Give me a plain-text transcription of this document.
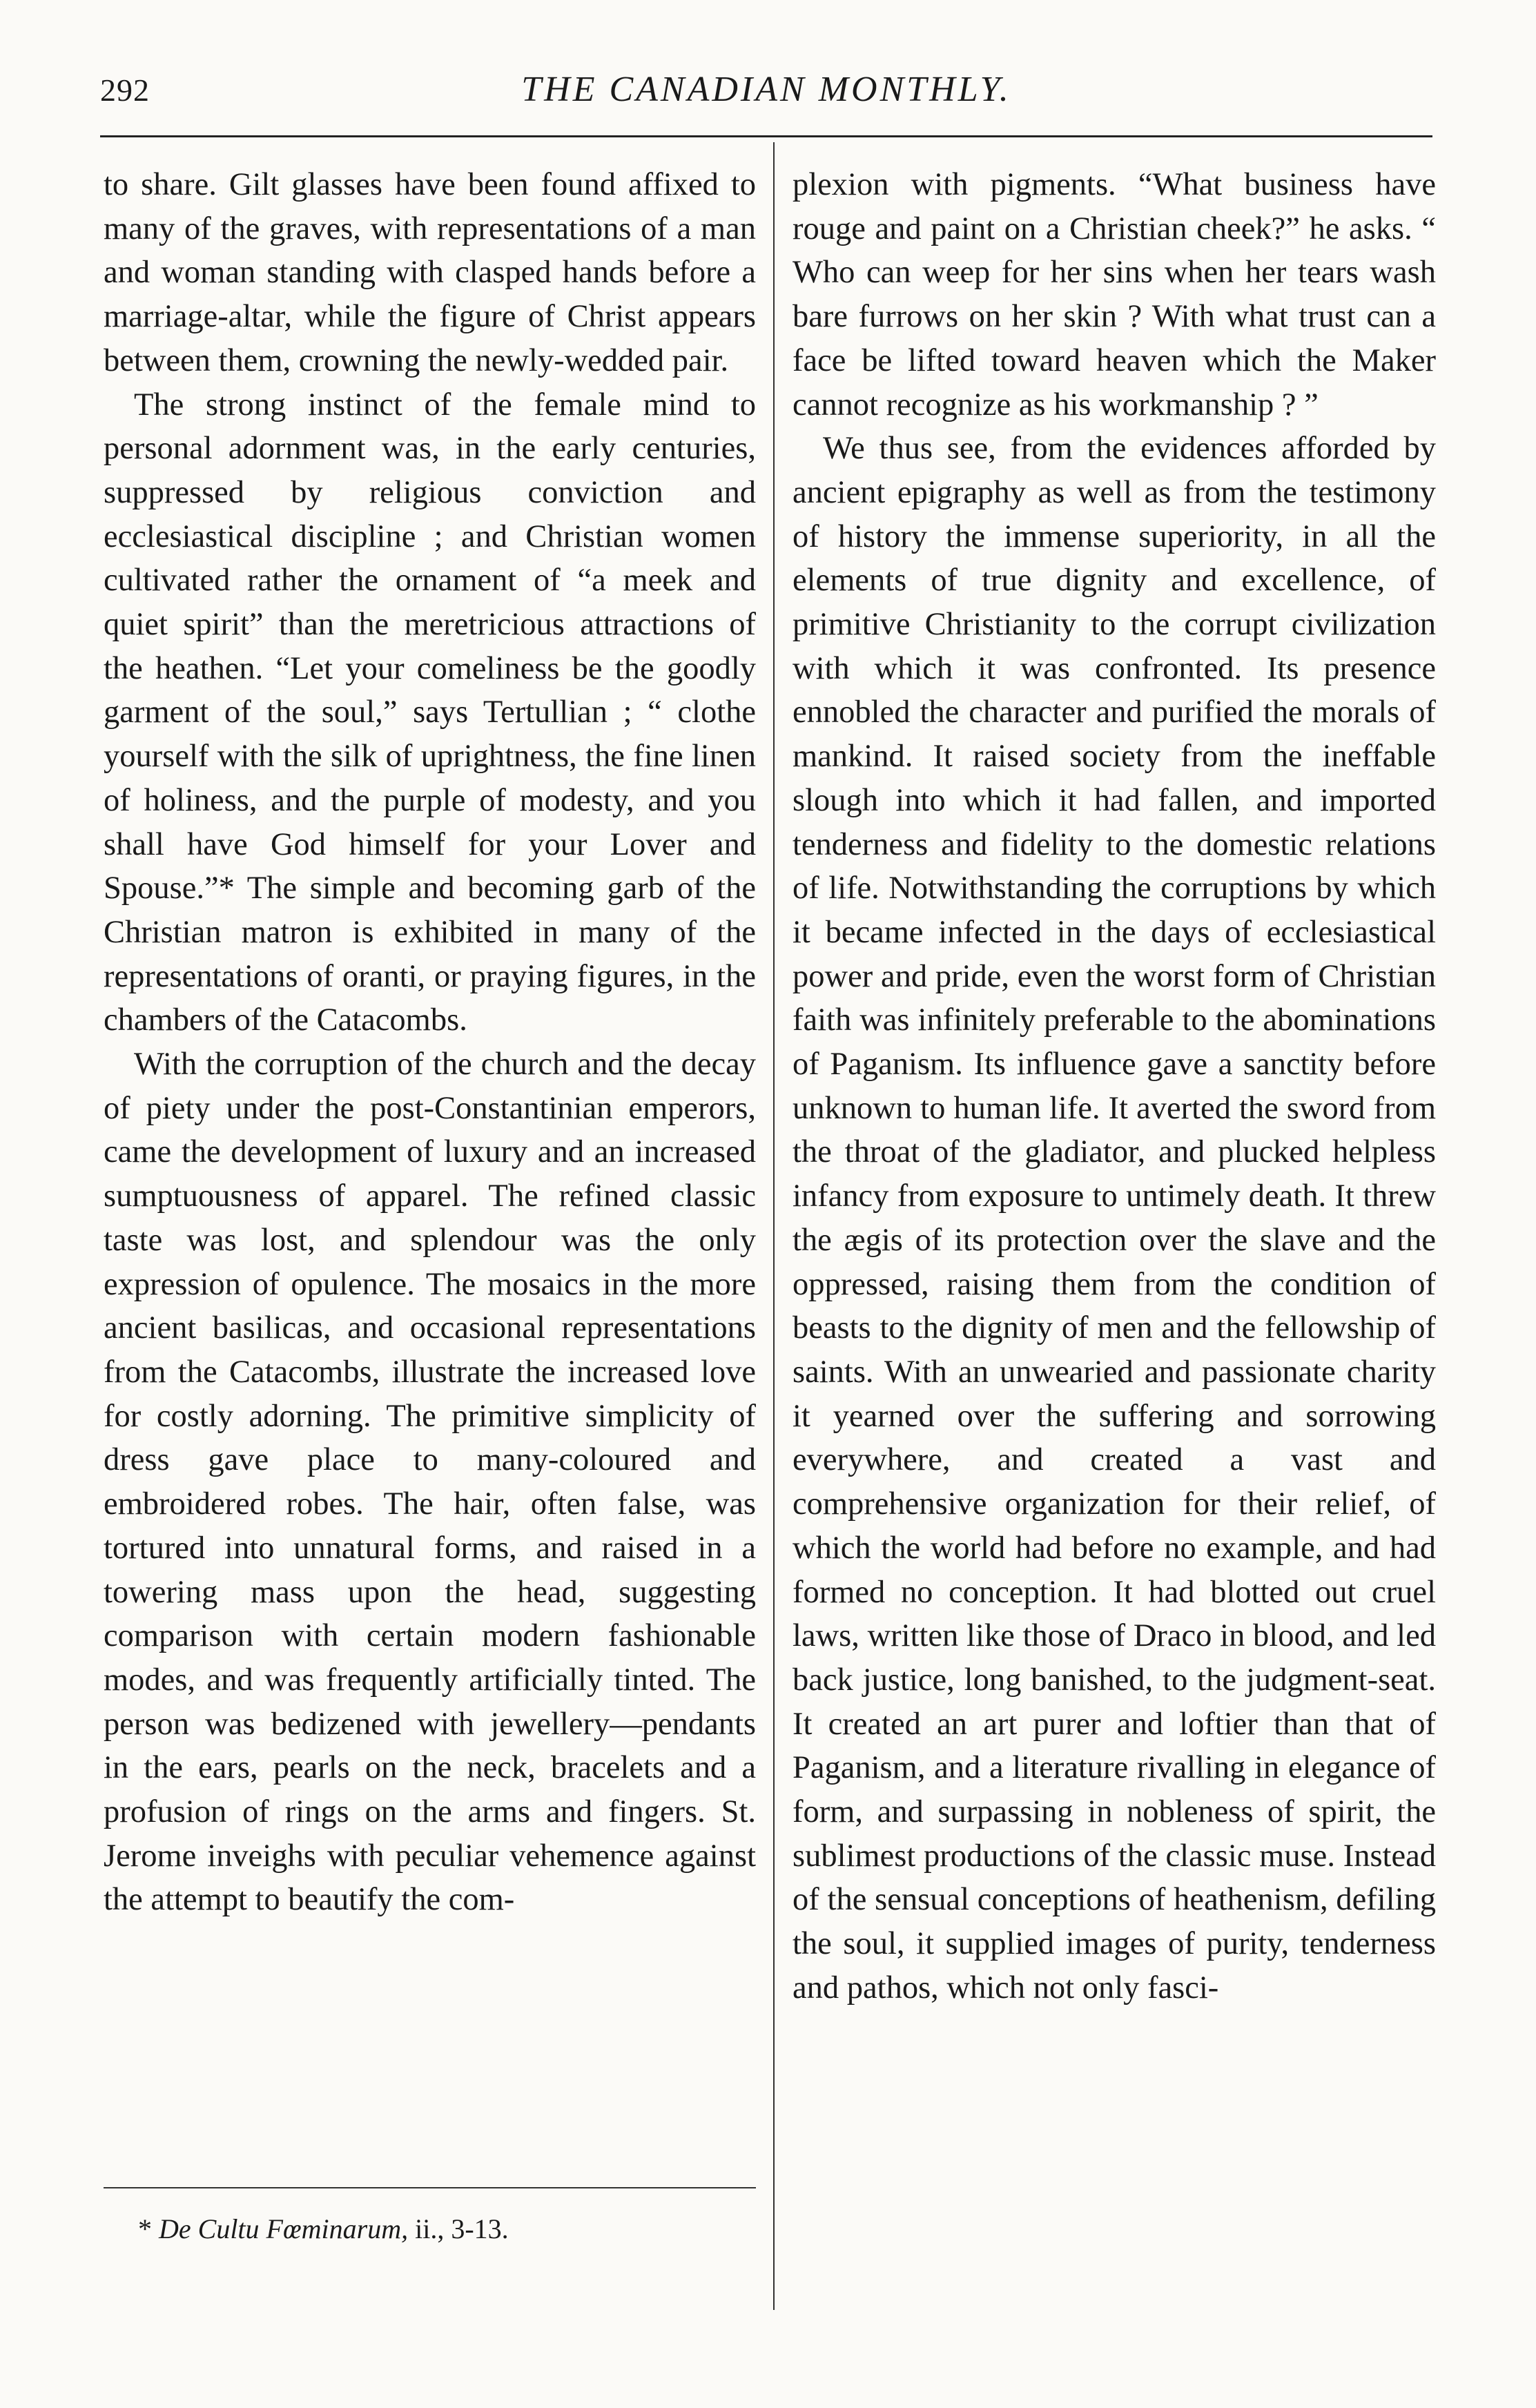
292	THE CANADIAN MONTHLY.

to share. Gilt glasses have been found affixed to many of the graves, with representations of a man and woman standing with clasped hands before a marriage-altar, while the figure of Christ appears between them, crowning the newly-wedded pair.

The strong instinct of the female mind to personal adornment was, in the early centuries, suppressed by religious conviction and ecclesiastical discipline ; and Christian women cultivated rather the ornament of “a meek and quiet spirit” than the meretricious attractions of the heathen. “Let your comeliness be the goodly garment of the soul,” says Tertullian ; “ clothe yourself with the silk of uprightness, the fine linen of holiness, and the purple of modesty, and you shall have God himself for your Lover and Spouse.”* The simple and becoming garb of the Christian matron is exhibited in many of the representations of oranti, or praying figures, in the chambers of the Catacombs.

With the corruption of the church and the decay of piety under the post-Constantinian emperors, came the development of luxury and an increased sumptuousness of apparel. The refined classic taste was lost, and splendour was the only expression of opulence. The mosaics in the more ancient basilicas, and occasional representations from the Catacombs, illustrate the increased love for costly adorning. The primitive simplicity of dress gave place to many-coloured and embroidered robes. The hair, often false, was tortured into unnatural forms, and raised in a towering mass upon the head, suggesting comparison with certain modern fashionable modes, and was frequently artificially tinted. The person was bedizened with jewellery—pendants in the ears, pearls on the neck, bracelets and a profusion of rings on the arms and fingers. St. Jerome inveighs with peculiar vehemence against the attempt to beautify the com-

plexion with pigments. “What business have rouge and paint on a Christian cheek?” he asks. “ Who can weep for her sins when her tears wash bare furrows on her skin ? With what trust can a face be lifted toward heaven which the Maker cannot recognize as his workmanship ? ”

We thus see, from the evidences afforded by ancient epigraphy as well as from the testimony of history the immense superiority, in all the elements of true dignity and excellence, of primitive Christianity to the corrupt civilization with which it was confronted. Its presence ennobled the character and purified the morals of mankind. It raised society from the ineffable slough into which it had fallen, and imported tenderness and fidelity to the domestic relations of life. Notwithstanding the corruptions by which it became infected in the days of ecclesiastical power and pride, even the worst form of Christian faith was infinitely preferable to the abominations of Paganism. Its influence gave a sanctity before unknown to human life. It averted the sword from the throat of the gladiator, and plucked helpless infancy from exposure to untimely death. It threw the ægis of its protection over the slave and the oppressed, raising them from the condition of beasts to the dignity of men and the fellowship of saints. With an unwearied and passionate charity it yearned over the suffering and sorrowing everywhere, and created a vast and comprehensive organization for their relief, of which the world had before no example, and had formed no conception. It had blotted out cruel laws, written like those of Draco in blood, and led back justice, long banished, to the judgment-seat. It created an art purer and loftier than that of Paganism, and a literature rivalling in elegance of form, and surpassing in nobleness of spirit, the sublimest productions of the classic muse. Instead of the sensual conceptions of heathenism, defiling the soul, it supplied images of purity, tenderness and pathos, which not only fasci-

* De Cultu Fœminarum, ii., 3-13.
